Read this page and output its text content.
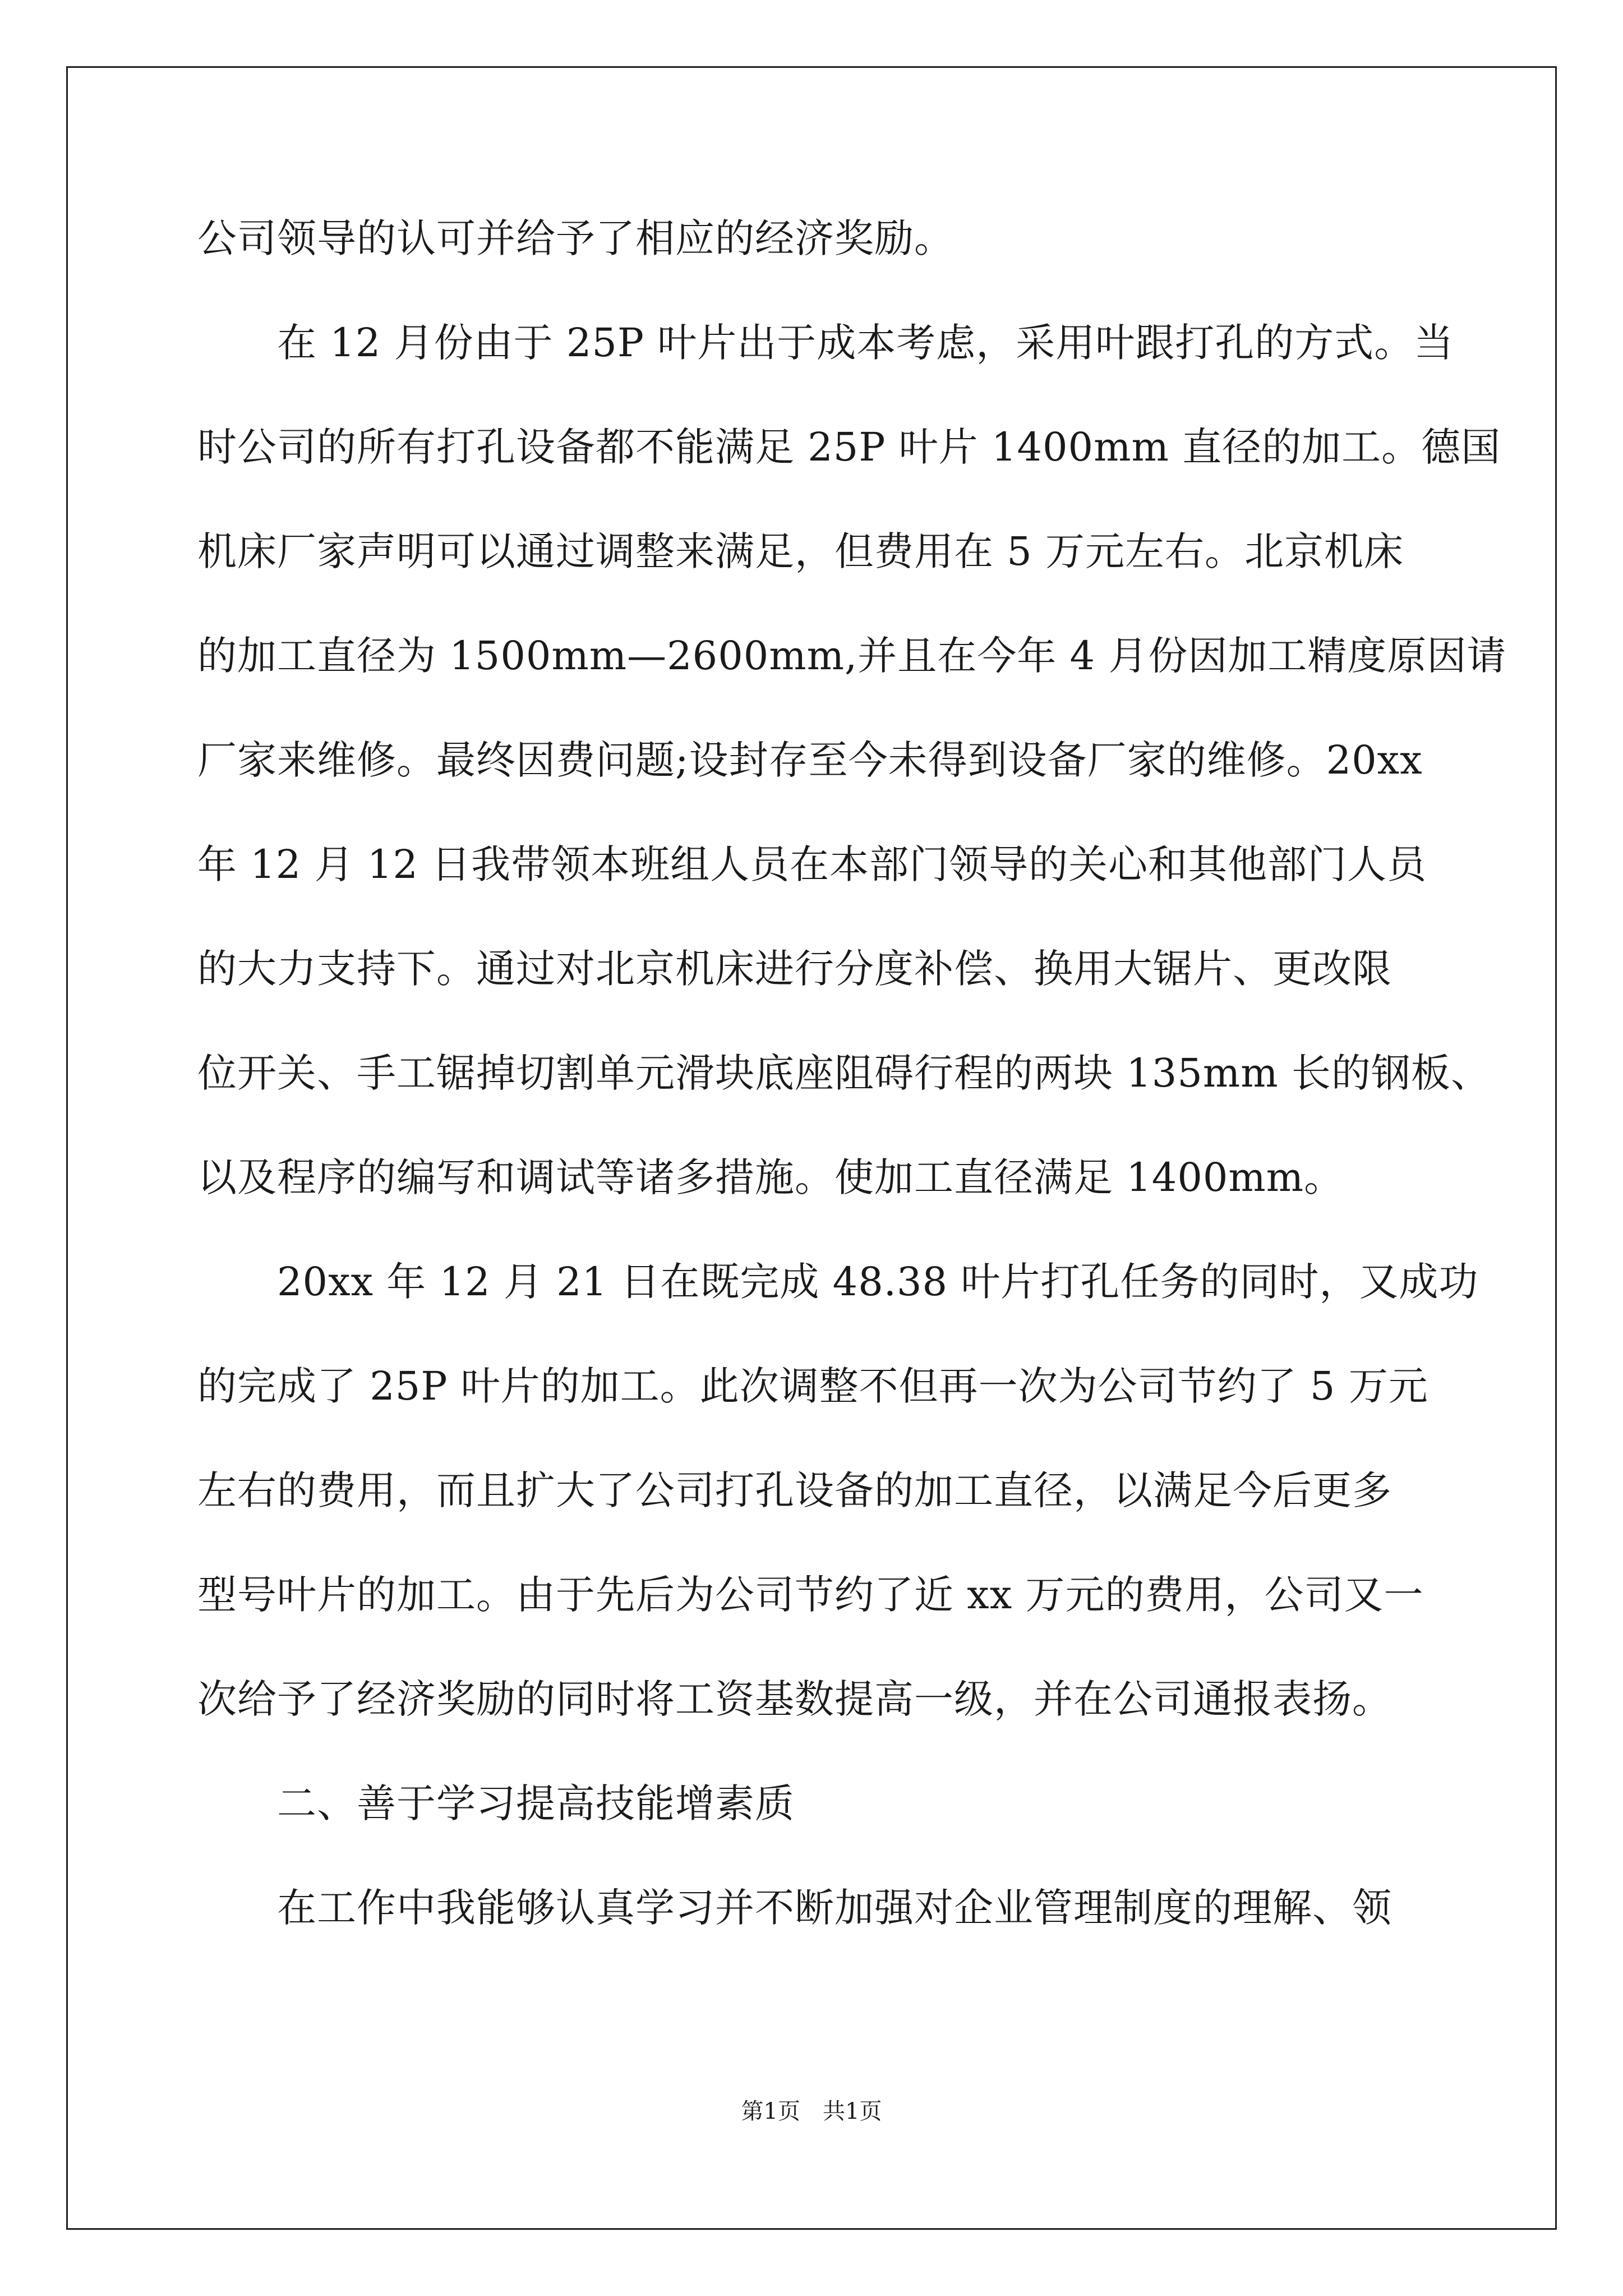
公司领导的认可并给予了相应的经济奖励。
在 12 月份由于 25P 叶片出于成本考虑，采用叶跟打孔的方式。当
时公司的所有打孔设备都不能满足 25P 叶片 1400mm 直径的加工。德国
机床厂家声明可以通过调整来满足，但费用在 5 万元左右。北京机床
的加工直径为 1500mm—2600mm,并且在今年 4 月份因加工精度原因请
厂家来维修。最终因费问题;设封存至今未得到设备厂家的维修。20xx
年 12 月 12 日我带领本班组人员在本部门领导的关心和其他部门人员
的大力支持下。通过对北京机床进行分度补偿、换用大锯片、更改限
位开关、手工锯掉切割单元滑块底座阻碍行程的两块 135mm 长的钢板、
以及程序的编写和调试等诸多措施。使加工直径满足 1400mm。
20xx 年 12 月 21 日在既完成 48.38 叶片打孔任务的同时，又成功
的完成了 25P 叶片的加工。此次调整不但再一次为公司节约了 5 万元
左右的费用，而且扩大了公司打孔设备的加工直径，以满足今后更多
型号叶片的加工。由于先后为公司节约了近 xx 万元的费用，公司又一
次给予了经济奖励的同时将工资基数提高一级，并在公司通报表扬。
二、善于学习提高技能增素质
在工作中我能够认真学习并不断加强对企业管理制度的理解、领
第1页　共1页
